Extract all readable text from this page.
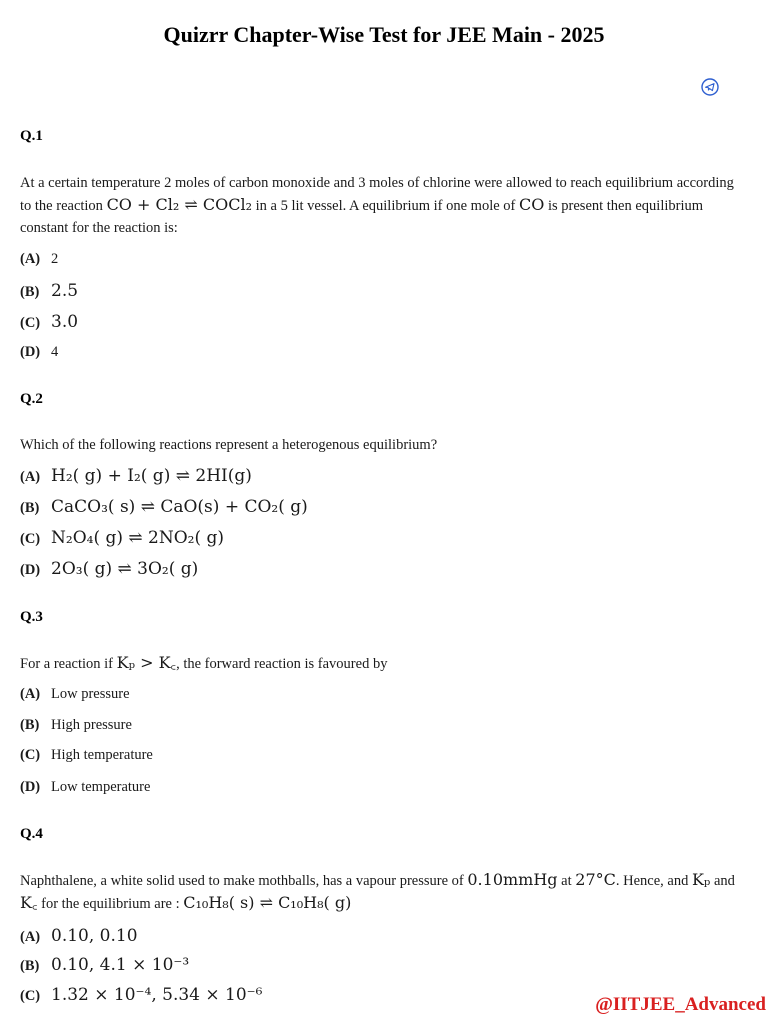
Quizrr Chapter-Wise Test for JEE Main - 2025
Q.1
At a certain temperature 2 moles of carbon monoxide and 3 moles of chlorine were allowed to reach equilibrium according to the reaction CO + Cl₂ ⇌ COCl₂ in a 5 lit vessel. A equilibrium if one mole of CO is present then equilibrium constant for the reaction is:
(A) 2
(B) 2.5
(C) 3.0
(D) 4
Q.2
Which of the following reactions represent a heterogenous equilibrium?
(A) H₂( g) + I₂( g) ⇌ 2HI(g)
(B) CaCO₃( s) ⇌ CaO(s) + CO₂( g)
(C) N₂O₄( g) ⇌ 2NO₂( g)
(D) 2O₃( g) ⇌ 3O₂( g)
Q.3
For a reaction if Kₚ > K꜀, the forward reaction is favoured by
(A) Low pressure
(B) High pressure
(C) High temperature
(D) Low temperature
Q.4
Naphthalene, a white solid used to make mothballs, has a vapour pressure of 0.10mmHg at 27°C. Hence, and Kₚ and K꜀ for the equilibrium are : C₁₀H₈( s) ⇌ C₁₀H₈( g)
(A) 0.10, 0.10
(B) 0.10, 4.1 × 10⁻³
(C) 1.32 × 10⁻⁴, 5.34 × 10⁻⁶	@IITJEE_Advanced
